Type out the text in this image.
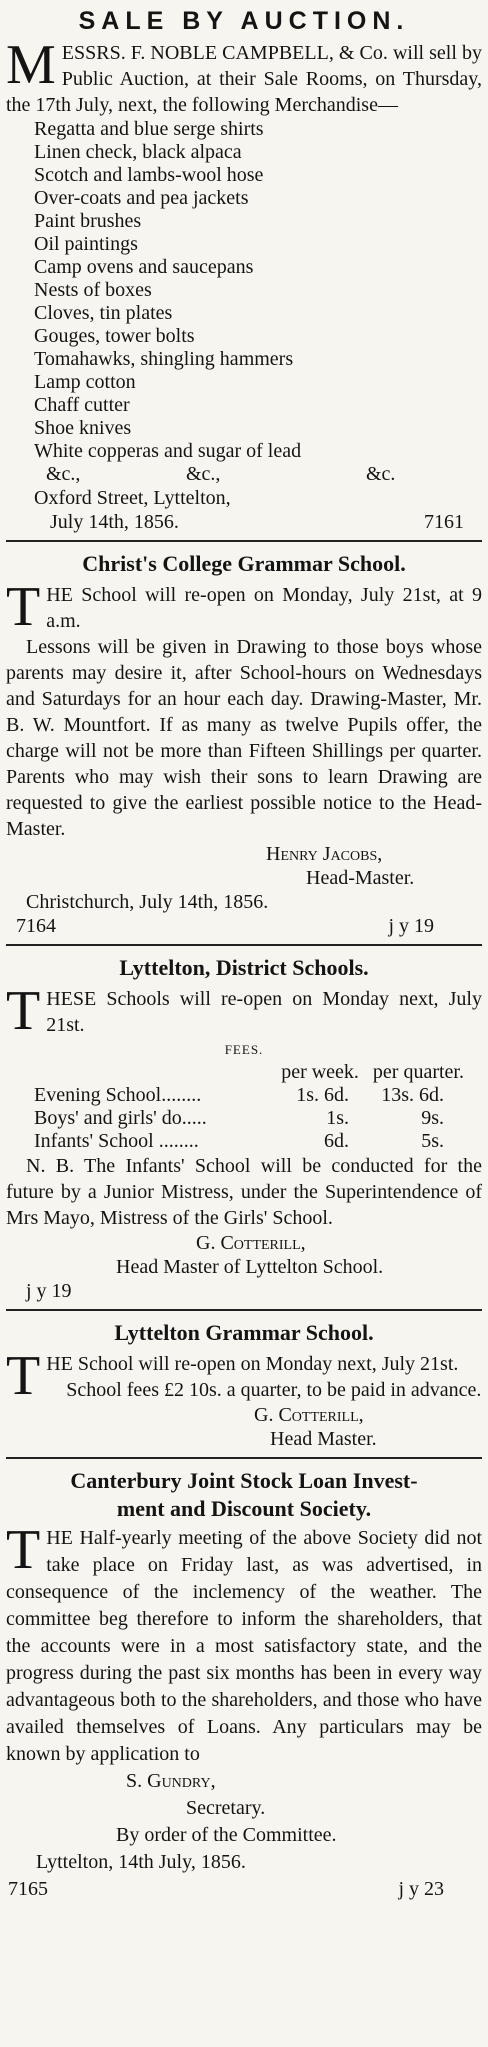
SALE BY AUCTION.

MESSRS. F. NOBLE CAMPBELL, & Co. will sell by Public Auction, at their Sale Rooms, on Thursday, the 17th July, next, the following Merchandise—

Regatta and blue serge shirts
Linen check, black alpaca
Scotch and lambs-wool hose
Over-coats and pea jackets
Paint brushes
Oil paintings
Camp ovens and saucepans
Nests of boxes
Cloves, tin plates
Gouges, tower bolts
Tomahawks, shingling hammers
Lamp cotton
Chaff cutter
Shoe knives
White copperas and sugar of lead
&c.,	&c.,	&c.
Oxford Street, Lyttelton,
July 14th, 1856.	7161
Christ's College Grammar School.

THE School will re-open on Monday, July 21st, at 9 a.m.

Lessons will be given in Drawing to those boys whose parents may desire it, after School-hours on Wednesdays and Saturdays for an hour each day. Drawing-Master, Mr. B. W. Mountfort. If as many as twelve Pupils offer, the charge will not be more than Fifteen Shillings per quarter. Parents who may wish their sons to learn Drawing are requested to give the earliest possible notice to the Head-Master.

Henry Jacobs,
Head-Master.
Christchurch, July 14th, 1856.
7164	j y 19
Lyttelton, District Schools.

THESE Schools will re-open on Monday next, July 21st.

FEES.
per week. per quarter.
Evening School........	1s. 6d.	13s. 6d.
Boys' and girls' do.....	1s.	9s.
Infants' School ........	6d.	5s.

N. B. The Infants' School will be conducted for the future by a Junior Mistress, under the Superintendence of Mrs Mayo, Mistress of the Girls' School.

G. Cotterill,
Head Master of Lyttelton School.
j y 19
Lyttelton Grammar School.

THE School will re-open on Monday next, July 21st.

School fees £2 10s. a quarter, to be paid in advance.

G. Cotterill,
Head Master.
Canterbury Joint Stock Loan Invest-
ment and Discount Society.

THE Half-yearly meeting of the above Society did not take place on Friday last, as was advertised, in consequence of the inclemency of the weather. The committee beg therefore to inform the shareholders, that the accounts were in a most satisfactory state, and the progress during the past six months has been in every way advantageous both to the shareholders, and those who have availed themselves of Loans. Any particulars may be known by application to

S. Gundry,
Secretary.
By order of the Committee.
Lyttelton, 14th July, 1856.
7165	j y 23
